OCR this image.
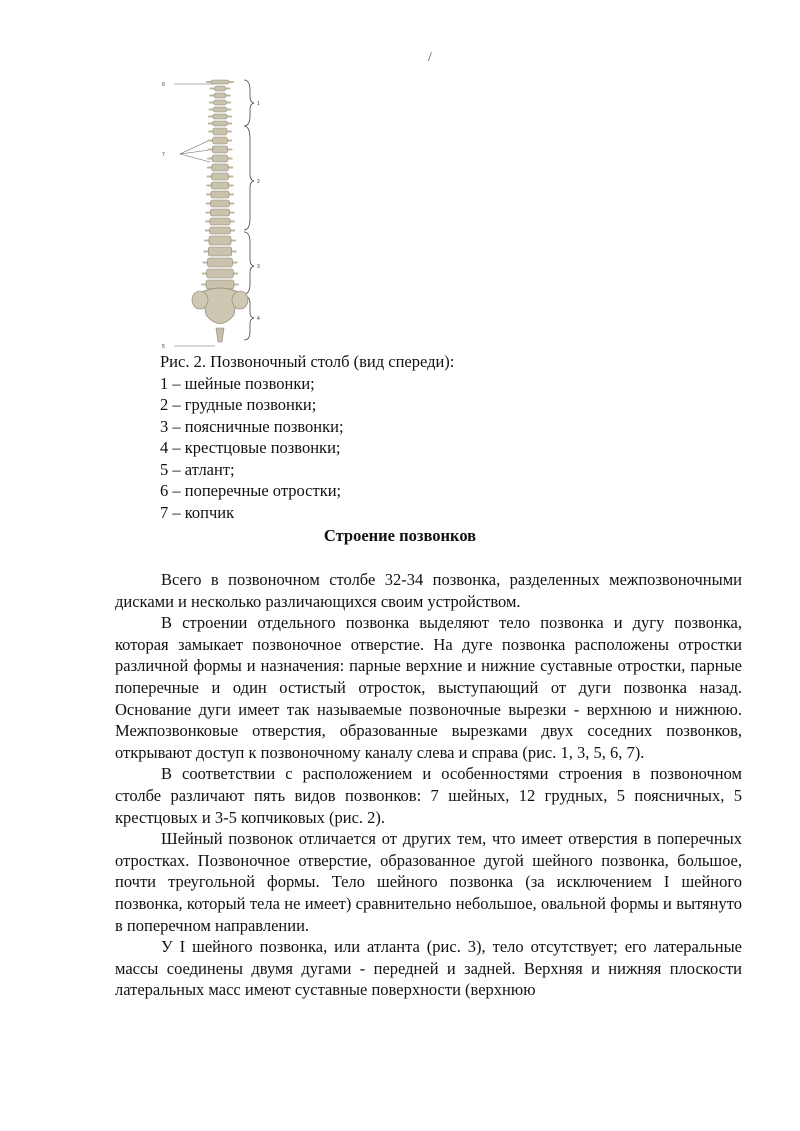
/
6
1
7
2
3
4
5
Рис. 2. Позвоночный столб (вид спереди):
1 – шейные позвонки;
2 – грудные позвонки;
3 – поясничные позвонки;
4 – крестцовые позвонки;
5 – атлант;
6 – поперечные отростки;
7 – копчик
Строение позвонков

Всего в позвоночном столбе 32-34 позвонка, разделенных межпозвоночными дисками и несколько различающихся своим устройством.

В строении отдельного позвонка выделяют тело позвонка и дугу позвонка, которая замыкает позвоночное отверстие. На дуге позвонка расположены отростки различной формы и назначения: парные верхние и нижние суставные отростки, парные поперечные и один остистый отросток, выступающий от дуги позвонка назад. Основание дуги имеет так называемые позвоночные вырезки - верхнюю и нижнюю. Межпозвонковые отверстия, образованные вырезками двух соседних позвонков, открывают доступ к позвоночному каналу слева и справа (рис. 1, 3, 5, 6, 7).

В соответствии с расположением и особенностями строения в позвоночном столбе различают пять видов позвонков: 7 шейных, 12 грудных, 5 поясничных, 5 крестцовых и 3-5 копчиковых (рис. 2).

Шейный позвонок отличается от других тем, что имеет отверстия в поперечных отростках. Позвоночное отверстие, образованное дугой шейного позвонка, большое, почти треугольной формы. Тело шейного позвонка (за исключением I шейного позвонка, который тела не имеет) сравнительно небольшое, овальной формы и вытянуто в поперечном направлении.

У I шейного позвонка, или атланта (рис. 3), тело отсутствует; его латеральные массы соединены двумя дугами - передней и задней. Верхняя и нижняя плоскости латеральных масс имеют суставные поверхности (верхнюю
